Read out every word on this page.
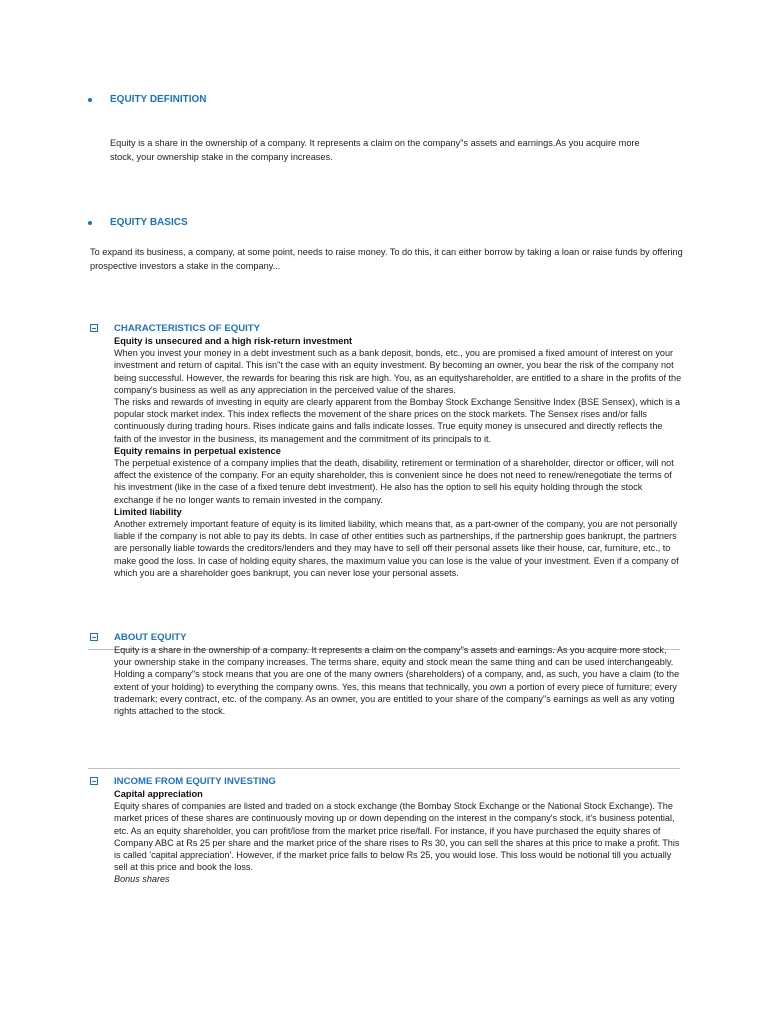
EQUITY DEFINITION

Equity is a share in the ownership of a company. It represents a claim on the company"s assets and earnings.As you acquire more stock, your ownership stake in the company increases.

EQUITY BASICS

To expand its business, a company, at some point, needs to raise money. To do this, it can either borrow by taking a loan or raise funds by offering prospective investors a stake in the company...

CHARACTERISTICS OF EQUITY

Equity is unsecured and a high risk-return investment

When you invest your money in a debt investment such as a bank deposit, bonds, etc., you are promised a fixed amount of interest on your investment and return of capital. This isn"t the case with an equity investment. By becoming an owner, you bear the risk of the company not being successful. However, the rewards for bearing this risk are high. You, as an equityshareholder, are entitled to a share in the profits of the company's business as well as any appreciation in the perceived value of the shares.

The risks and rewards of investing in equity are clearly apparent from the Bombay Stock Exchange Sensitive Index (BSE Sensex), which is a popular stock market index. This index reflects the movement of the share prices on the stock markets. The Sensex rises and/or falls continuously during trading hours. Rises indicate gains and falls indicate losses. True equity money is unsecured and directly reflects the faith of the investor in the business, its management and the commitment of its principals to it.

Equity remains in perpetual existence

The perpetual existence of a company implies that the death, disability, retirement or termination of a shareholder, director or officer, will not affect the existence of the company. For an equity shareholder, this is convenient since he does not need to renew/renegotiate the terms of his investment (like in the case of a fixed tenure debt investment). He also has the option to sell his equity holding through the stock exchange if he no longer wants to remain invested in the company.

Limited liability

Another extremely important feature of equity is its limited liability, which means that, as a part-owner of the company, you are not personally liable if the company is not able to pay its debts. In case of other entities such as partnerships, if the partnership goes bankrupt, the partners are personally liable towards the creditors/lenders and they may have to sell off their personal assets like their house, car, furniture, etc., to make good the loss. In case of holding equity shares, the maximum value you can lose is the value of your investment. Even if a company of which you are a shareholder goes bankrupt, you can never lose your personal assets.

ABOUT EQUITY

Equity is a share in the ownership of a company. It represents a claim on the company"s assets and earnings. As you acquire more stock, your ownership stake in the company increases. The terms share, equity and stock mean the same thing and can be used interchangeably. Holding a company"s stock means that you are one of the many owners (shareholders) of a company, and, as such, you have a claim (to the extent of your holding) to everything the company owns. Yes, this means that technically, you own a portion of every piece of furniture; every trademark; every contract, etc. of the company. As an owner, you are entitled to your share of the company"s earnings as well as any voting rights attached to the stock.

INCOME FROM EQUITY INVESTING

Capital appreciation

Equity shares of companies are listed and traded on a stock exchange (the Bombay Stock Exchange or the National Stock Exchange). The market prices of these shares are continuously moving up or down depending on the interest in the company's stock, it's business potential, etc. As an equity shareholder, you can profit/lose from the market price rise/fall. For instance, if you have purchased the equity shares of Company ABC at Rs 25 per share and the market price of the share rises to Rs 30, you can sell the shares at this price to make a profit. This is called 'capital appreciation'. However, if the market price falls to below Rs 25, you would lose. This loss would be notional till you actually sell at this price and book the loss.

Bonus shares
